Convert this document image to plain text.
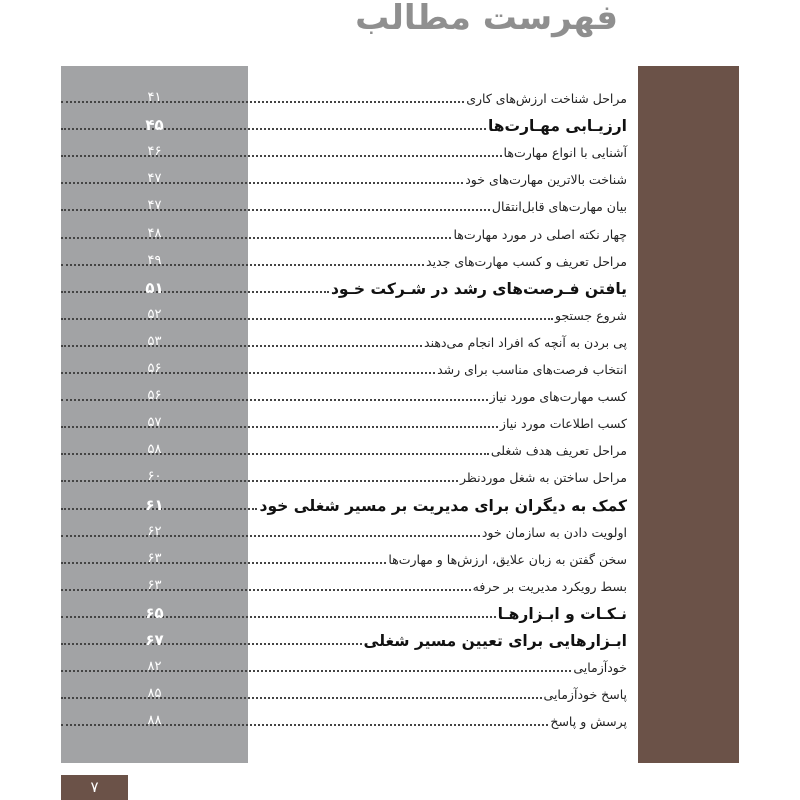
فهرست مطالب
مراحل شناخت ارزش‌های کاری
۴۱
ارزیـابی مهـارت‌ها
۴۵
آشنایی با انواع مهارت‌ها
۴۶
شناخت بالاترین مهارت‌های خود
۴۷
بیان مهارت‌های قابل‌انتقال
۴۷
چهار نکته اصلی در مورد مهارت‌ها
۴۸
مراحل تعریف و کسب مهارت‌های جدید
۴۹
یافتن فـرصت‌های رشد در شـرکت خـود
۵۱
شروع جستجو
۵۲
پی بردن به آنچه که افراد انجام می‌دهند
۵۳
انتخاب فرصت‌های مناسب برای رشد
۵۶
کسب مهارت‌های مورد نیاز
۵۶
کسب اطلاعات مورد نیاز
۵۷
مراحل تعریف هدف شغلی
۵۸
مراحل ساختن به شغل موردنظر
۶۰
کمک به دیگران برای مدیریت بر مسیر شغلی خود
۶۱
اولویت دادن به سازمان خود
۶۲
سخن گفتن به زبان علایق، ارزش‌ها و مهارت‌ها
۶۳
بسط رویکرد مدیریت بر حرفه
۶۳
نـکـات و ابـزارهـا
۶۵
ابـزارهایی برای تعیین مسیر شغلی
۶۷
خودآزمایی
۸۲
پاسخ خودآزمایی
۸۵
پرسش و پاسخ
۸۸
۷
